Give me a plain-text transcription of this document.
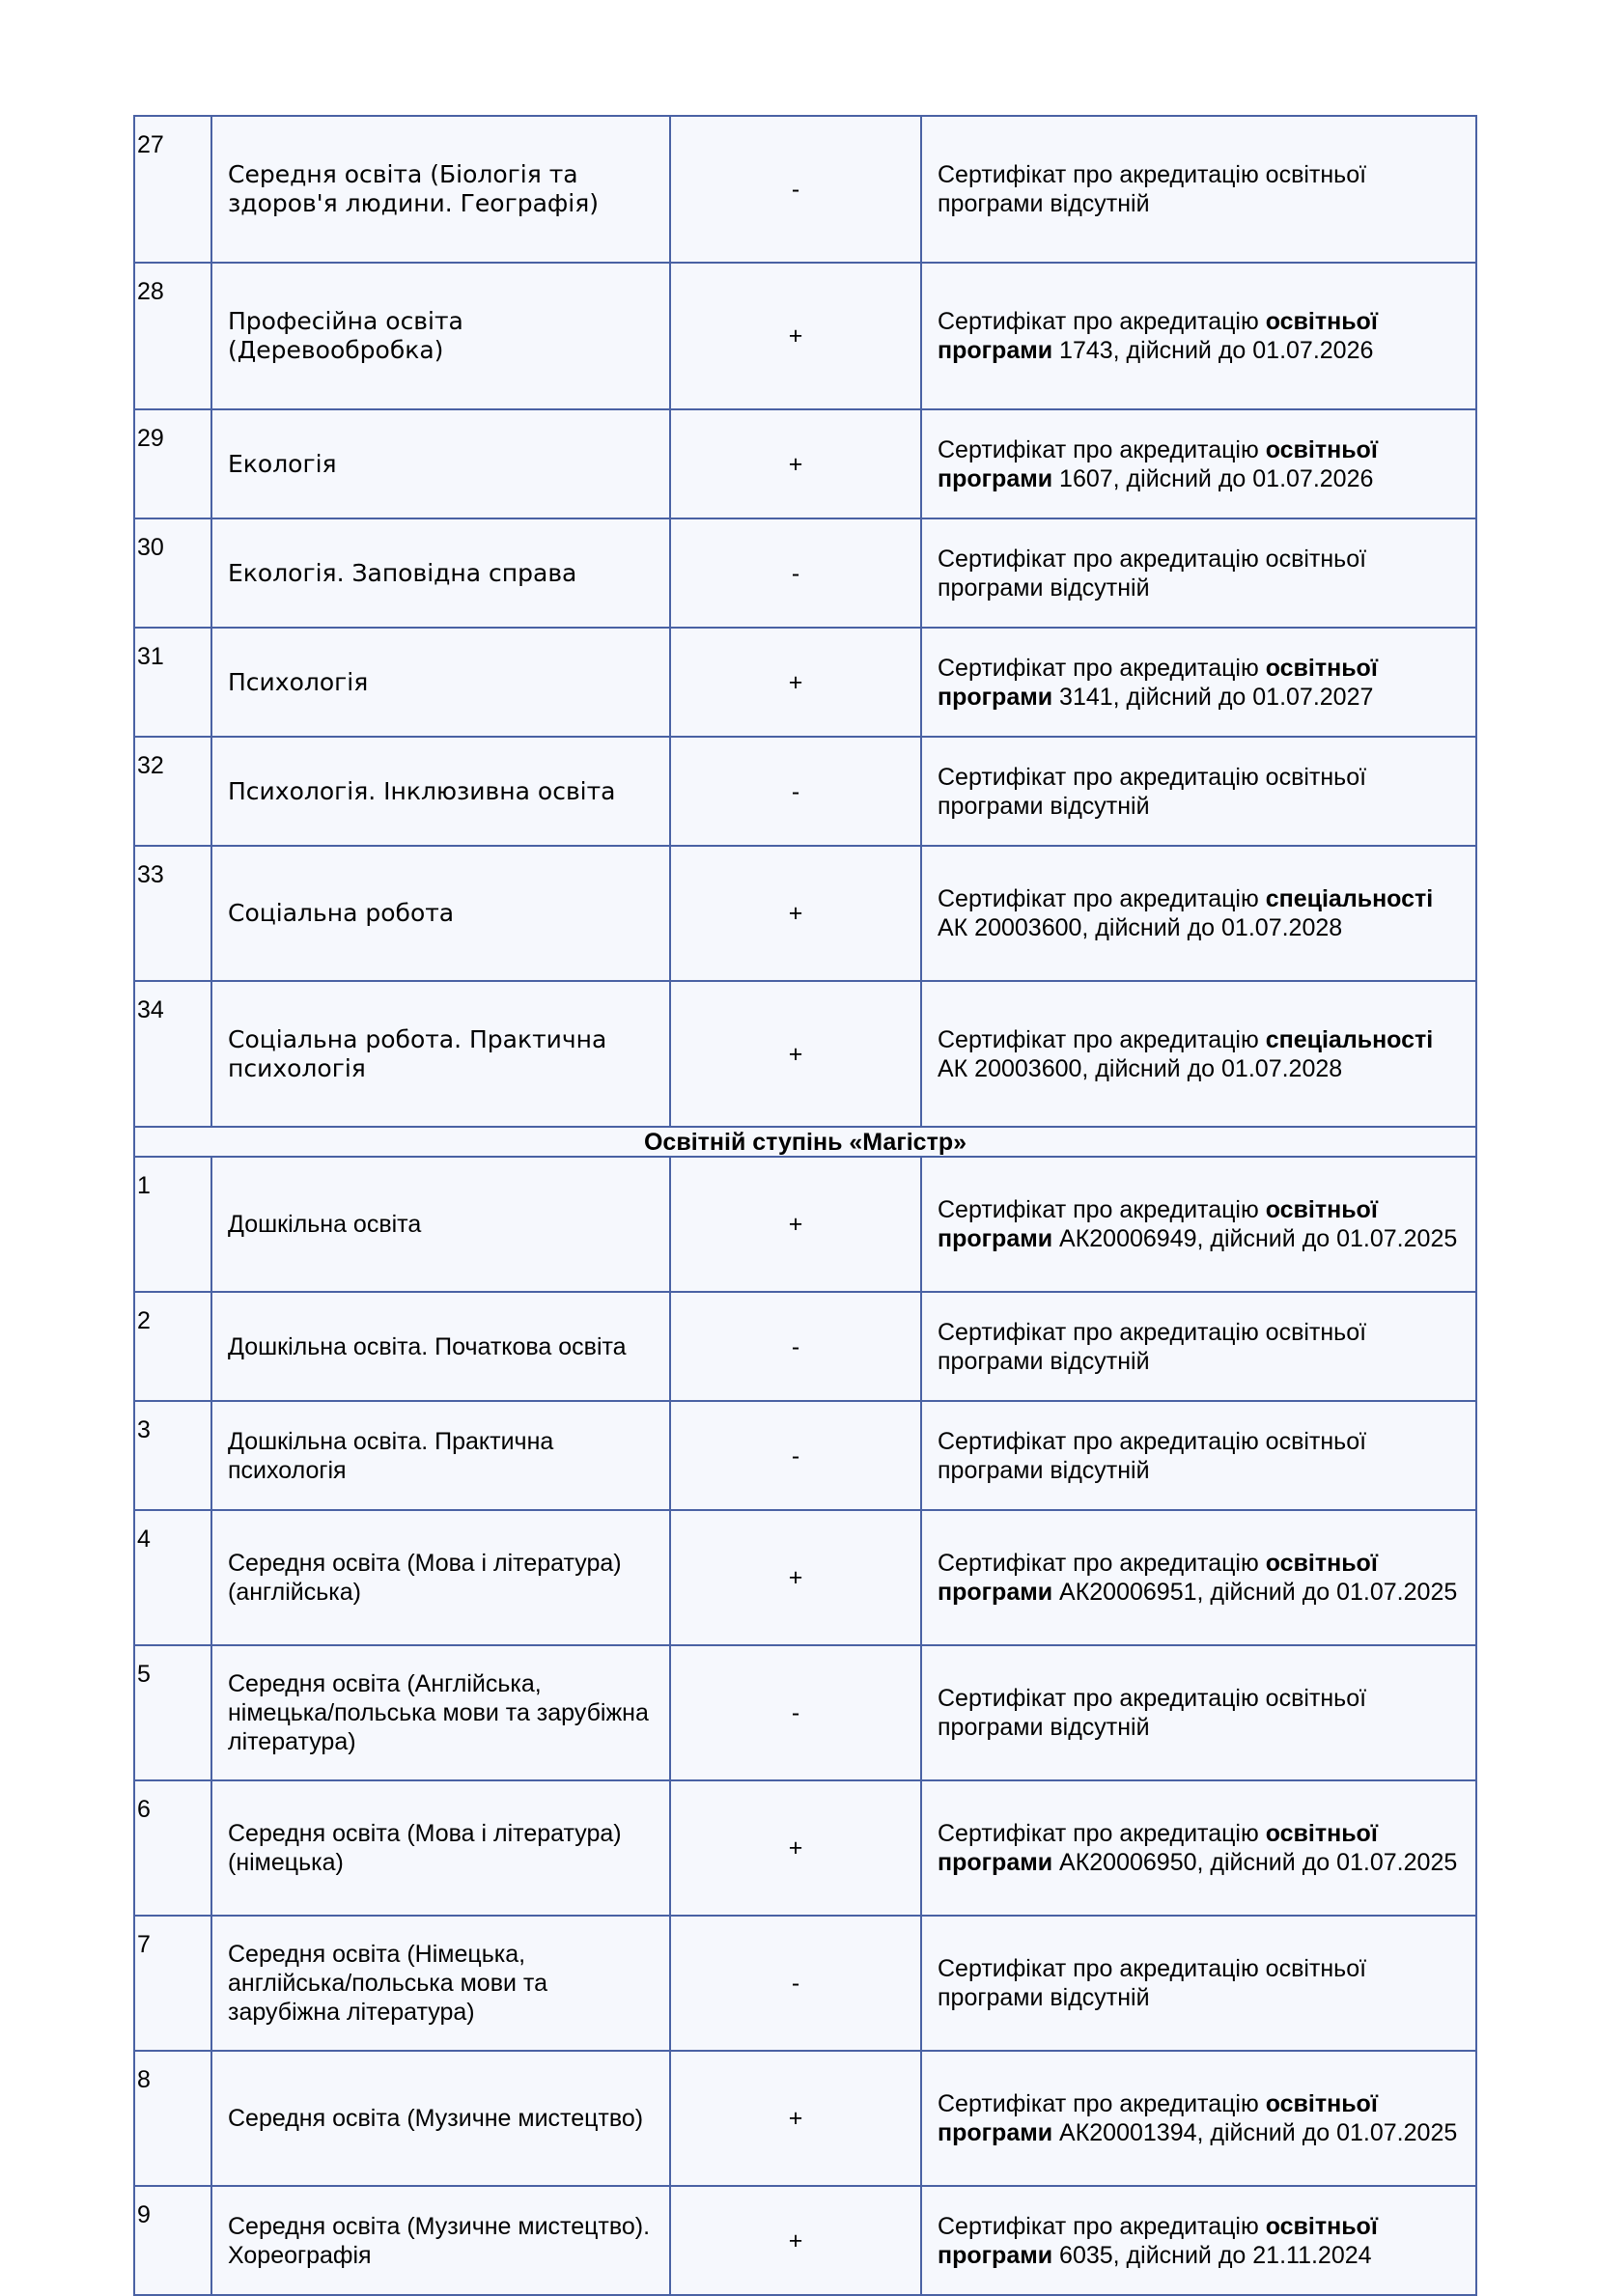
27	Середня освіта (Біологія та здоров'я людини. Географія)	-	Сертифікат про акредитацію освітньої програми відсутній
28	Професійна освіта (Деревообробка)	+	Сертифікат про акредитацію освітньої програми 1743, дійсний до 01.07.2026
29	Екологія	+	Сертифікат про акредитацію освітньої програми 1607, дійсний до 01.07.2026
30	Екологія. Заповідна справа	-	Сертифікат про акредитацію освітньої програми відсутній
31	Психологія	+	Сертифікат про акредитацію освітньої програми 3141, дійсний до 01.07.2027
32	Психологія. Інклюзивна освіта	-	Сертифікат про акредитацію освітньої програми відсутній
33	Соціальна робота	+	Сертифікат про акредитацію спеціальності АК 20003600, дійсний до 01.07.2028
34	Соціальна робота. Практична психологія	+	Сертифікат про акредитацію спеціальності АК 20003600, дійсний до 01.07.2028
Освітній ступінь «Магістр»			
1	Дошкільна освіта	+	Сертифікат про акредитацію освітньої програми АК20006949, дійсний до 01.07.2025
2	Дошкільна освіта. Початкова освіта	-	Сертифікат про акредитацію освітньої програми відсутній
3	Дошкільна освіта. Практична психологія	-	Сертифікат про акредитацію освітньої програми відсутній
4	Середня освіта (Мова і література) (англійська)	+	Сертифікат про акредитацію освітньої програми АК20006951, дійсний до 01.07.2025
5	Середня освіта (Англійська, німецька/польська мови та зарубіжна література)	-	Сертифікат про акредитацію освітньої програми відсутній
6	Середня освіта (Мова і література) (німецька)	+	Сертифікат про акредитацію освітньої програми АК20006950, дійсний до 01.07.2025
7	Середня освіта (Німецька, англійська/польська мови та зарубіжна література)	-	Сертифікат про акредитацію освітньої програми відсутній
8	Середня освіта (Музичне мистецтво)	+	Сертифікат про акредитацію освітньої програми АК20001394, дійсний до 01.07.2025
9	Середня освіта (Музичне мистецтво). Хореографія	+	Сертифікат про акредитацію освітньої програми 6035, дійсний до 21.11.2024
